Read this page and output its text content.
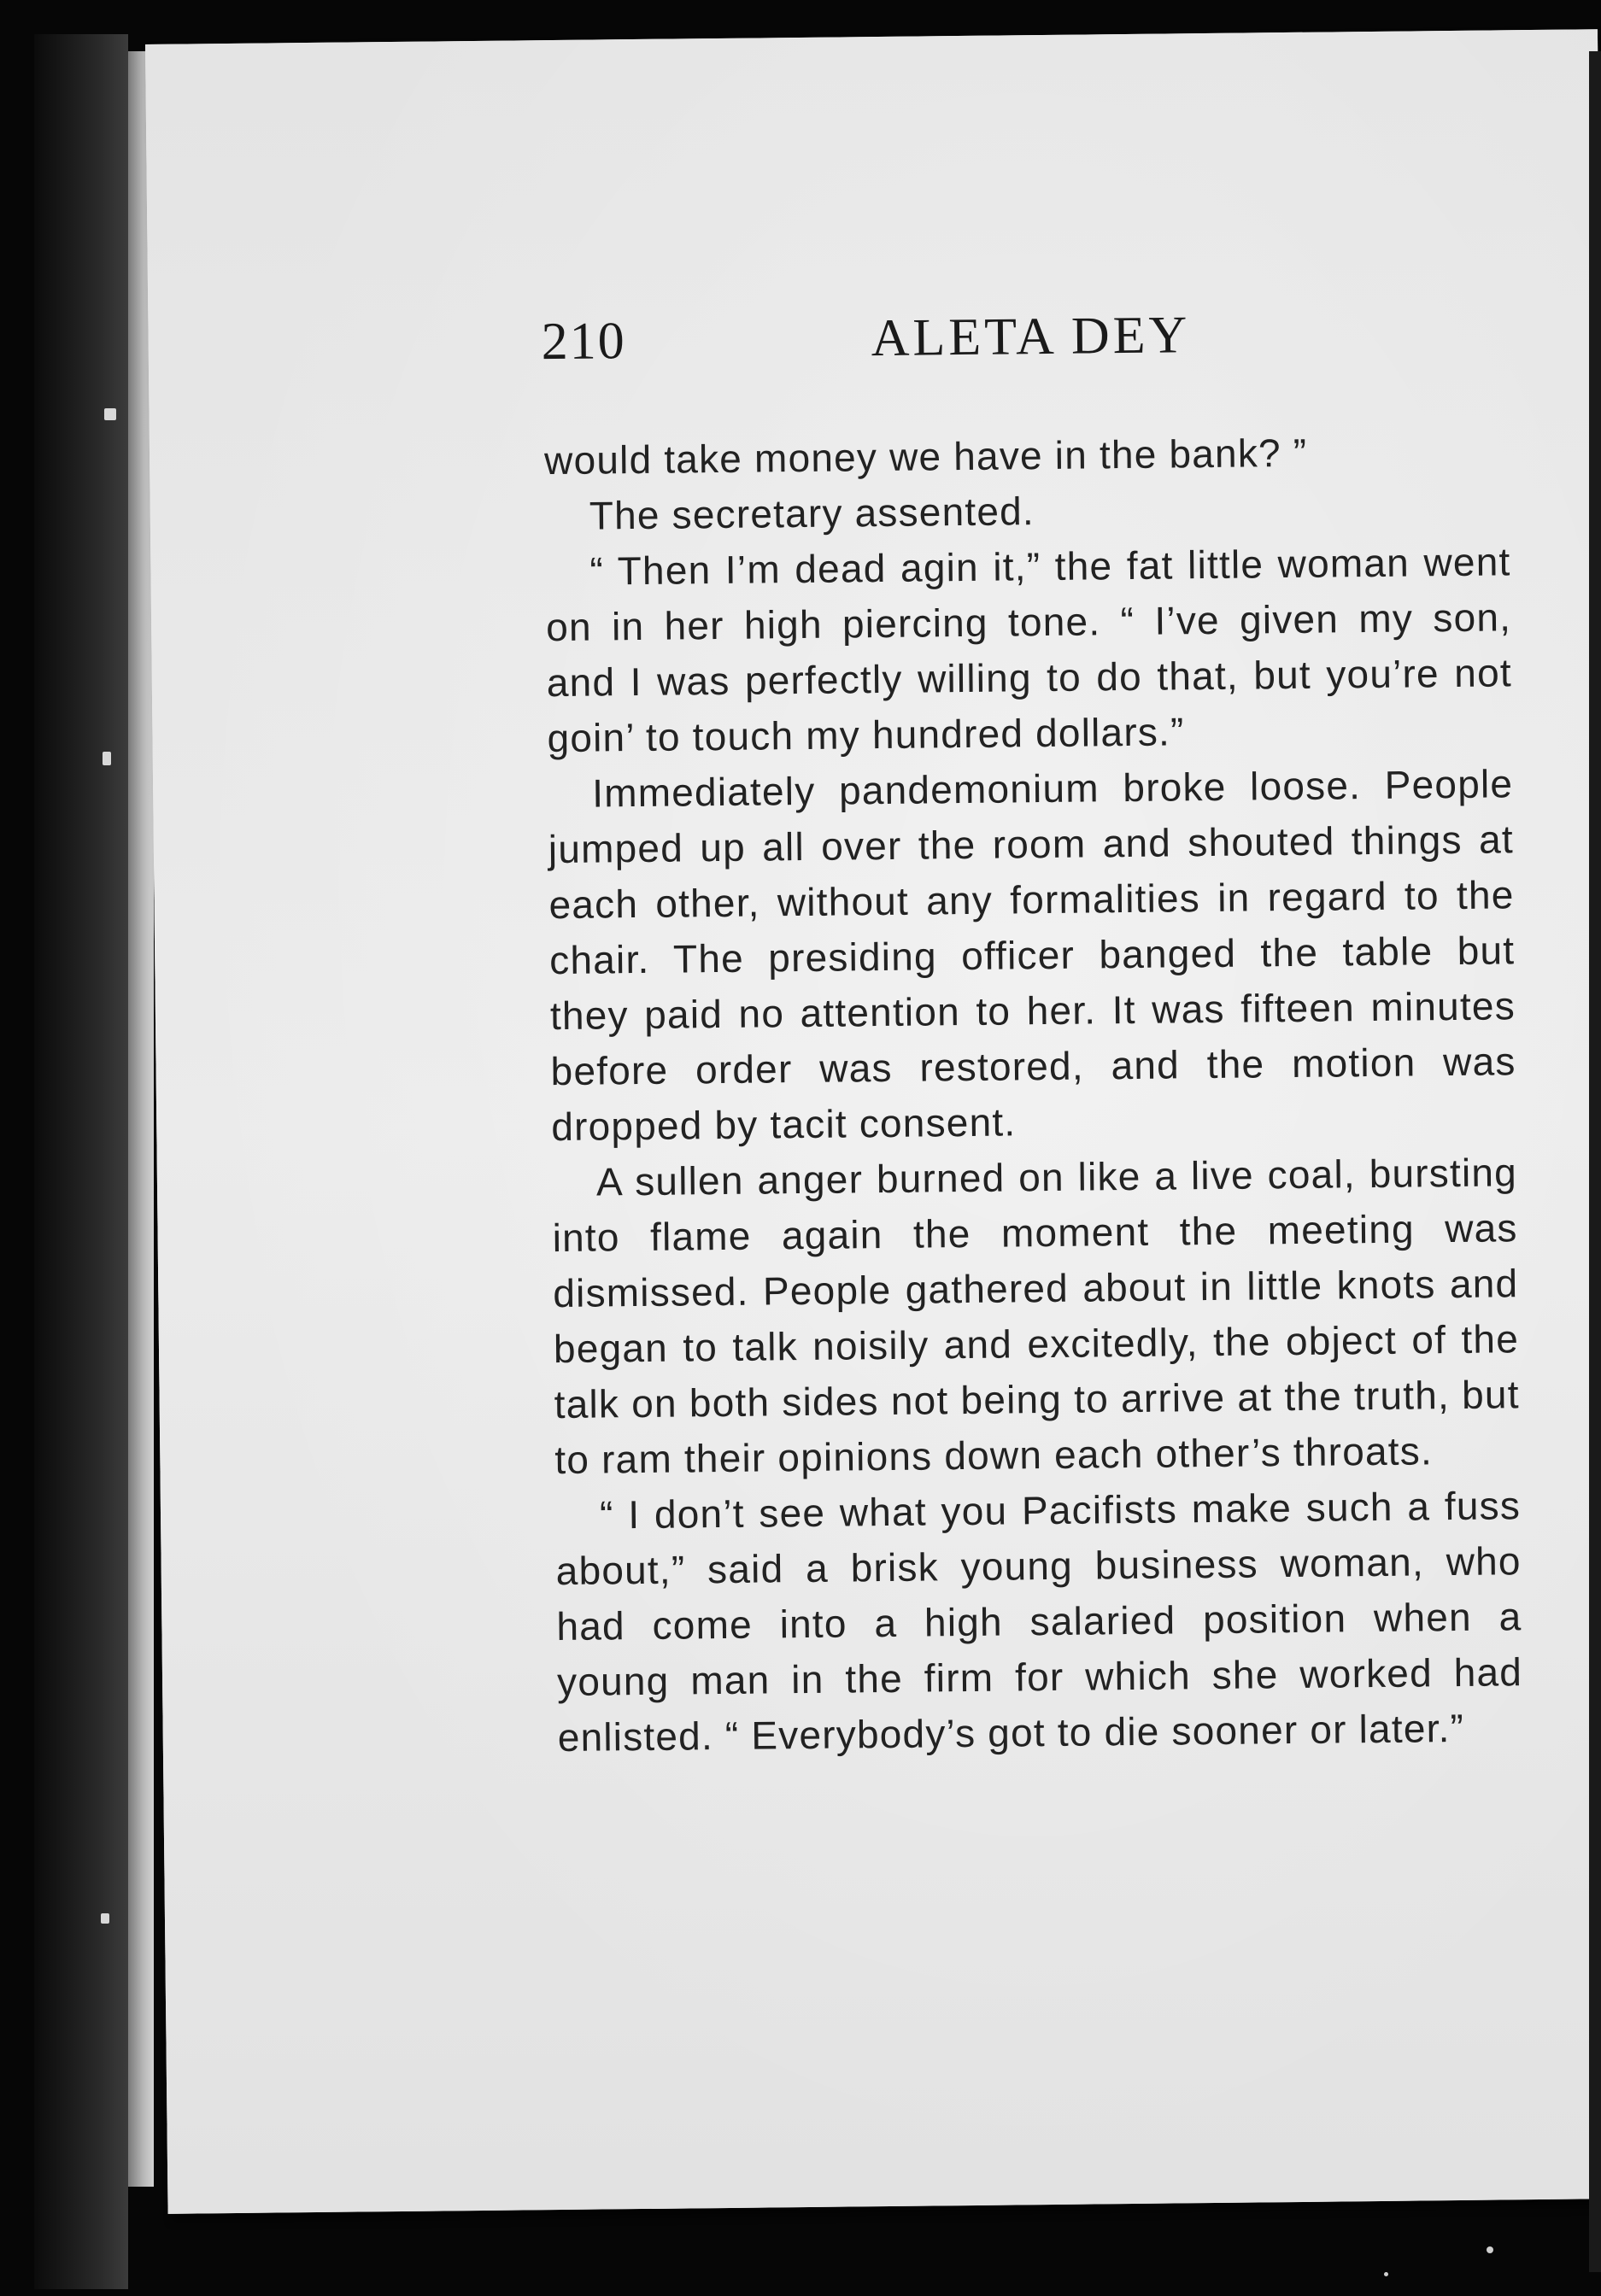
210	ALETA DEY

would take money we have in the bank? ”

The secretary assented.

“ Then I’m dead agin it,” the fat little woman went on in her high piercing tone. “ I’ve given my son, and I was perfectly willing to do that, but you’re not goin’ to touch my hundred dollars.”

Immediately pandemonium broke loose. People jumped up all over the room and shouted things at each other, without any formalities in regard to the chair. The presiding officer banged the table but they paid no attention to her. It was fifteen minutes before order was restored, and the motion was dropped by tacit consent.

A sullen anger burned on like a live coal, bursting into flame again the moment the meeting was dismissed. People gathered about in little knots and began to talk noisily and excitedly, the object of the talk on both sides not being to arrive at the truth, but to ram their opinions down each other’s throats.

“ I don’t see what you Pacifists make such a fuss about,” said a brisk young business woman, who had come into a high salaried position when a young man in the firm for which she worked had enlisted. “ Everybody’s got to die sooner or later.”
